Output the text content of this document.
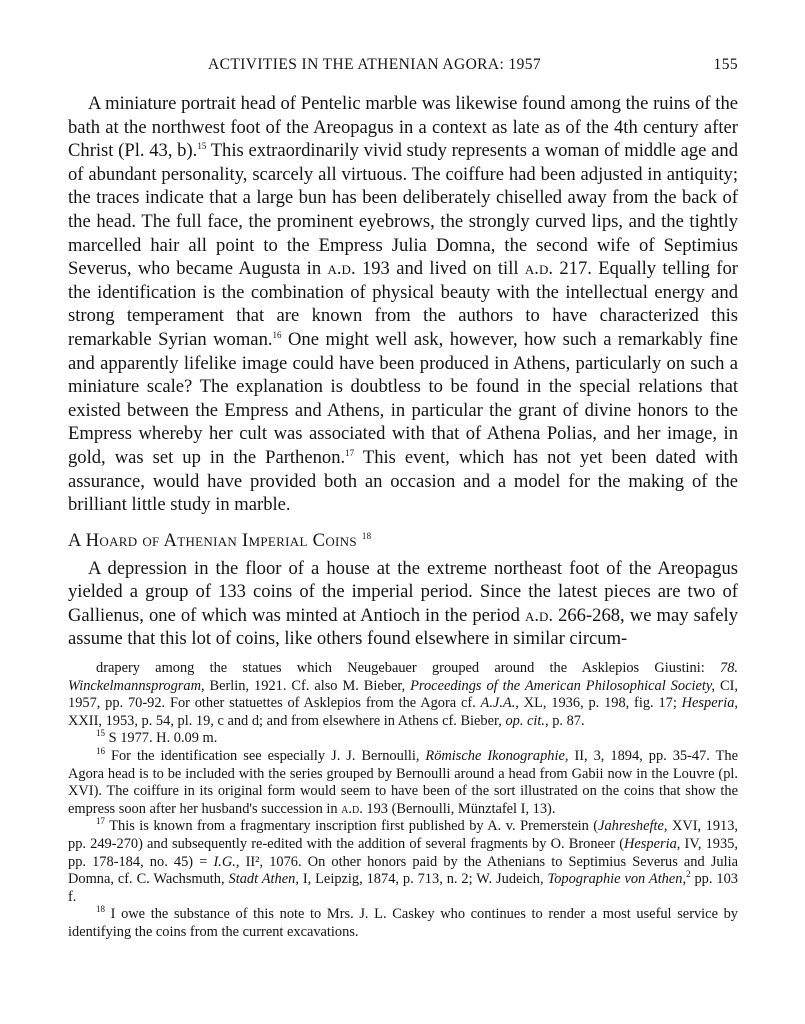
ACTIVITIES IN THE ATHENIAN AGORA: 1957	155

A miniature portrait head of Pentelic marble was likewise found among the ruins of the bath at the northwest foot of the Areopagus in a context as late as of the 4th century after Christ (Pl. 43, b).$^{15}$ This extraordinarily vivid study represents a woman of middle age and of abundant personality, scarcely all virtuous. The coiffure had been adjusted in antiquity; the traces indicate that a large bun has been deliberately chiselled away from the back of the head. The full face, the prominent eyebrows, the strongly curved lips, and the tightly marcelled hair all point to the Empress Julia Domna, the second wife of Septimius Severus, who became Augusta in a.d. 193 and lived on till a.d. 217. Equally telling for the identification is the combination of physical beauty with the intellectual energy and strong temperament that are known from the authors to have characterized this remarkable Syrian woman.$^{16}$ One might well ask, however, how such a remarkably fine and apparently lifelike image could have been produced in Athens, particularly on such a miniature scale? The explanation is doubtless to be found in the special relations that existed between the Empress and Athens, in particular the grant of divine honors to the Empress whereby her cult was associated with that of Athena Polias, and her image, in gold, was set up in the Parthenon.$^{17}$ This event, which has not yet been dated with assurance, would have provided both an occasion and a model for the making of the brilliant little study in marble.

A Hoard of Athenian Imperial Coins $^{18}$

A depression in the floor of a house at the extreme northeast foot of the Areopagus yielded a group of 133 coins of the imperial period. Since the latest pieces are two of Gallienus, one of which was minted at Antioch in the period a.d. 266-268, we may safely assume that this lot of coins, like others found elsewhere in similar circum-

drapery among the statues which Neugebauer grouped around the Asklepios Giustini: 78. Winckelmannsprogram, Berlin, 1921. Cf. also M. Bieber, Proceedings of the American Philosophical Society, CI, 1957, pp. 70-92. For other statuettes of Asklepios from the Agora cf. A.J.A., XL, 1936, p. 198, fig. 17; Hesperia, XXII, 1953, p. 54, pl. 19, c and d; and from elsewhere in Athens cf. Bieber, op. cit., p. 87.

$^{15}$ S 1977. H. 0.09 m.

$^{16}$ For the identification see especially J. J. Bernoulli, Römische Ikonographie, II, 3, 1894, pp. 35-47. The Agora head is to be included with the series grouped by Bernoulli around a head from Gabii now in the Louvre (pl. XVI). The coiffure in its original form would seem to have been of the sort illustrated on the coins that show the empress soon after her husband's succession in a.d. 193 (Bernoulli, Münztafel I, 13).

$^{17}$ This is known from a fragmentary inscription first published by A. v. Premerstein (Jahreshefte, XVI, 1913, pp. 249-270) and subsequently re-edited with the addition of several fragments by O. Broneer (Hesperia, IV, 1935, pp. 178-184, no. 45) = I.G., II², 1076. On other honors paid by the Athenians to Septimius Severus and Julia Domna, cf. C. Wachsmuth, Stadt Athen, I, Leipzig, 1874, p. 713, n. 2; W. Judeich, Topographie von Athen,$^2$ pp. 103 f.

$^{18}$ I owe the substance of this note to Mrs. J. L. Caskey who continues to render a most useful service by identifying the coins from the current excavations.
